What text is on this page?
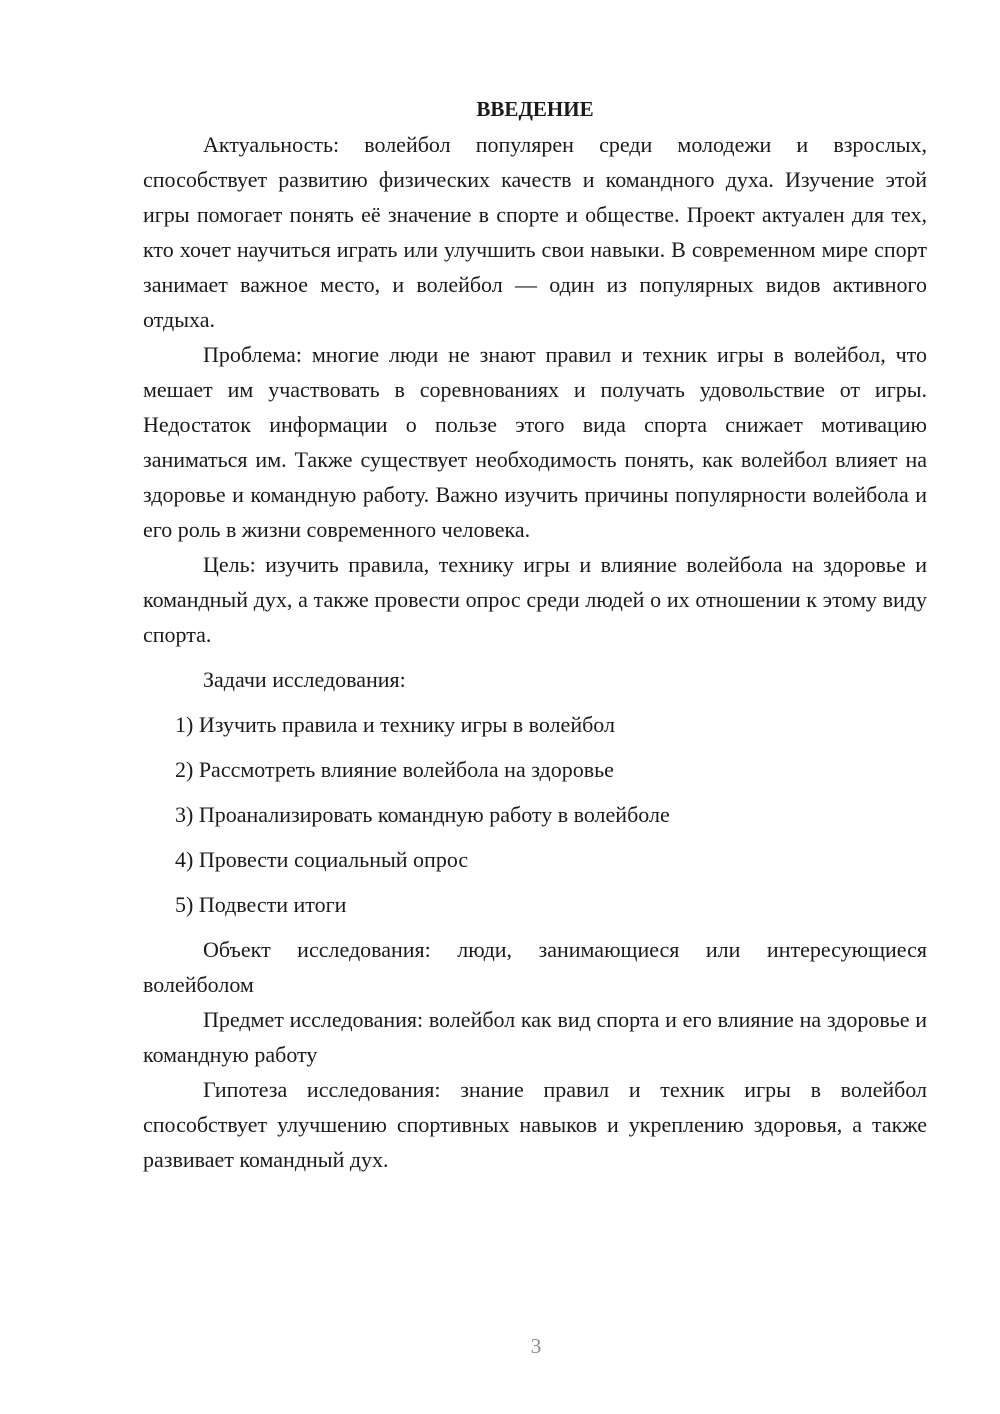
ВВЕДЕНИЕ

Актуальность: волейбол популярен среди молодежи и взрослых, способствует развитию физических качеств и командного духа. Изучение этой игры помогает понять её значение в спорте и обществе. Проект актуален для тех, кто хочет научиться играть или улучшить свои навыки. В современном мире спорт занимает важное место, и волейбол — один из популярных видов активного отдыха.

Проблема: многие люди не знают правил и техник игры в волейбол, что мешает им участвовать в соревнованиях и получать удовольствие от игры. Недостаток информации о пользе этого вида спорта снижает мотивацию заниматься им. Также существует необходимость понять, как волейбол влияет на здоровье и командную работу. Важно изучить причины популярности волейбола и его роль в жизни современного человека.

Цель: изучить правила, технику игры и влияние волейбола на здоровье и командный дух, а также провести опрос среди людей о их отношении к этому виду спорта.

Задачи исследования:

1) Изучить правила и технику игры в волейбол

2) Рассмотреть влияние волейбола на здоровье

3) Проанализировать командную работу в волейболе

4) Провести социальный опрос

5) Подвести итоги

Объект исследования: люди, занимающиеся или интересующиеся волейболом

Предмет исследования: волейбол как вид спорта и его влияние на здоровье и командную работу

Гипотеза исследования: знание правил и техник игры в волейбол способствует улучшению спортивных навыков и укреплению здоровья, а также развивает командный дух.

3
